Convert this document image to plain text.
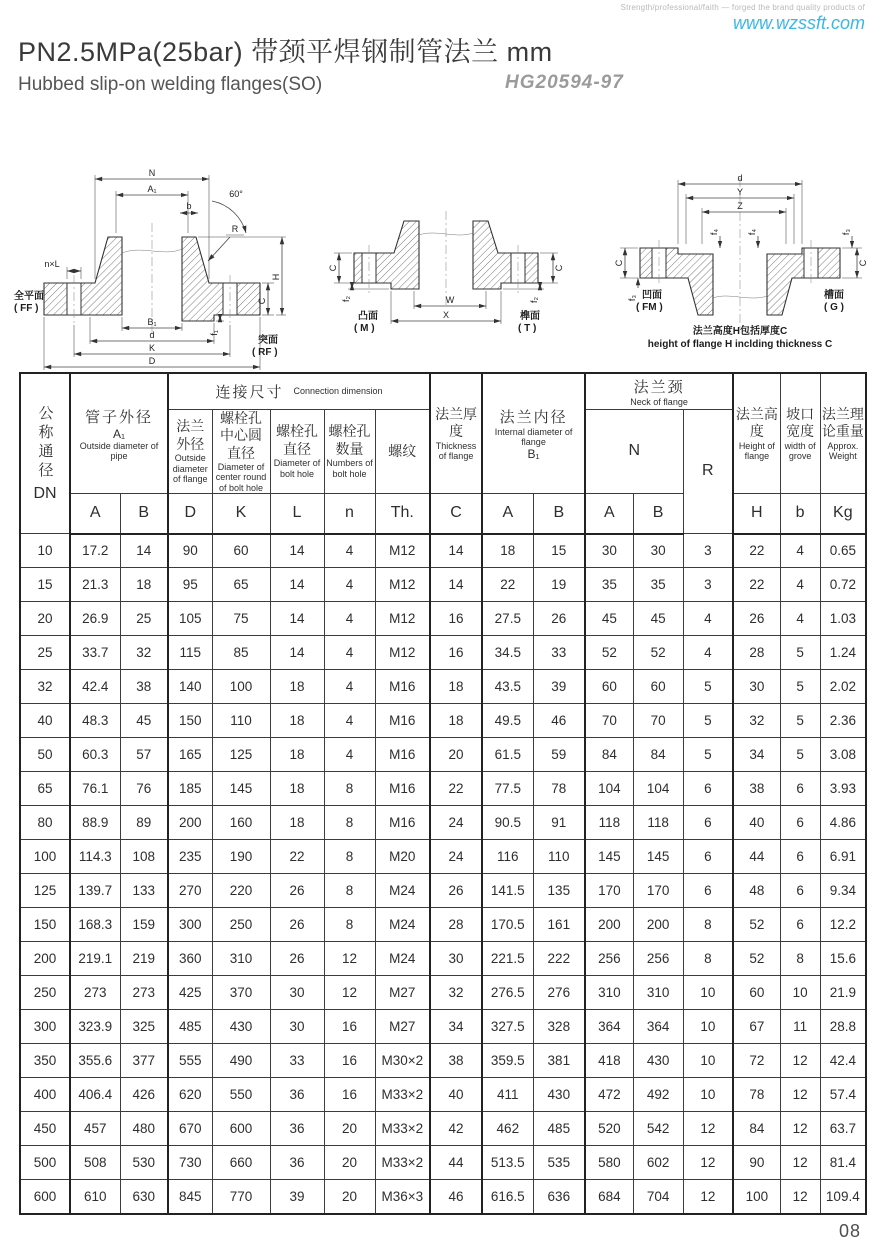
Strength/professional/faith — forged the brand quality products of
www.wzssft.com
PN2.5MPa(25bar) 带颈平焊钢制管法兰 mm
Hubbed slip-on welding flanges(SO)	HG20594-97
N
A₁	60°
b
R
n×L
B₁
d
K
D
C
H
f₁
全平面
( FF )
突面
( RF )
C
f₂	W
X
C
f₂
凸面
( M )
榫面
( T )
d
Y
Z
f₄	f₄	f₃
C
f₃
C
凹面
( FM )
槽面
( G )
法兰高度H包括厚度C
height of flange H inclding thickness C
公称通径
DN

管子外径
A₁
Outside diameter of pipe

连接尺寸 Connection dimension

法兰厚度
Thickness of flange

法兰内径
Internal diameter of flange
B₁

法兰颈
Neck of flange

法兰高度
Height of flange

坡口宽度
width of grove

法兰理论重量
Approx. Weight

法兰外径
Outside diameter of flange

螺栓孔中心圆直径
Diameter of center round of bolt hole

螺栓孔直径
Diameter of bolt hole

螺栓孔数量
Numbers of bolt hole

螺纹	N

R

	A	B	D	K	L	n	Th.	C	A	B	A	B		H	b	Kg
10	17.2	14	90	60	14	4	M12	14	18	15	30	30	3	22	4	0.65
15	21.3	18	95	65	14	4	M12	14	22	19	35	35	3	22	4	0.72
20	26.9	25	105	75	14	4	M12	16	27.5	26	45	45	4	26	4	1.03
25	33.7	32	115	85	14	4	M12	16	34.5	33	52	52	4	28	5	1.24
32	42.4	38	140	100	18	4	M16	18	43.5	39	60	60	5	30	5	2.02
40	48.3	45	150	110	18	4	M16	18	49.5	46	70	70	5	32	5	2.36
50	60.3	57	165	125	18	4	M16	20	61.5	59	84	84	5	34	5	3.08
65	76.1	76	185	145	18	8	M16	22	77.5	78	104	104	6	38	6	3.93
80	88.9	89	200	160	18	8	M16	24	90.5	91	118	118	6	40	6	4.86
100	114.3	108	235	190	22	8	M20	24	116	110	145	145	6	44	6	6.91
125	139.7	133	270	220	26	8	M24	26	141.5	135	170	170	6	48	6	9.34
150	168.3	159	300	250	26	8	M24	28	170.5	161	200	200	8	52	6	12.2
200	219.1	219	360	310	26	12	M24	30	221.5	222	256	256	8	52	8	15.6
250	273	273	425	370	30	12	M27	32	276.5	276	310	310	10	60	10	21.9
300	323.9	325	485	430	30	16	M27	34	327.5	328	364	364	10	67	11	28.8
350	355.6	377	555	490	33	16	M30×2	38	359.5	381	418	430	10	72	12	42.4
400	406.4	426	620	550	36	16	M33×2	40	411	430	472	492	10	78	12	57.4
450	457	480	670	600	36	20	M33×2	42	462	485	520	542	12	84	12	63.7
500	508	530	730	660	36	20	M33×2	44	513.5	535	580	602	12	90	12	81.4
600	610	630	845	770	39	20	M36×3	46	616.5	636	684	704	12	100	12	109.4
08
